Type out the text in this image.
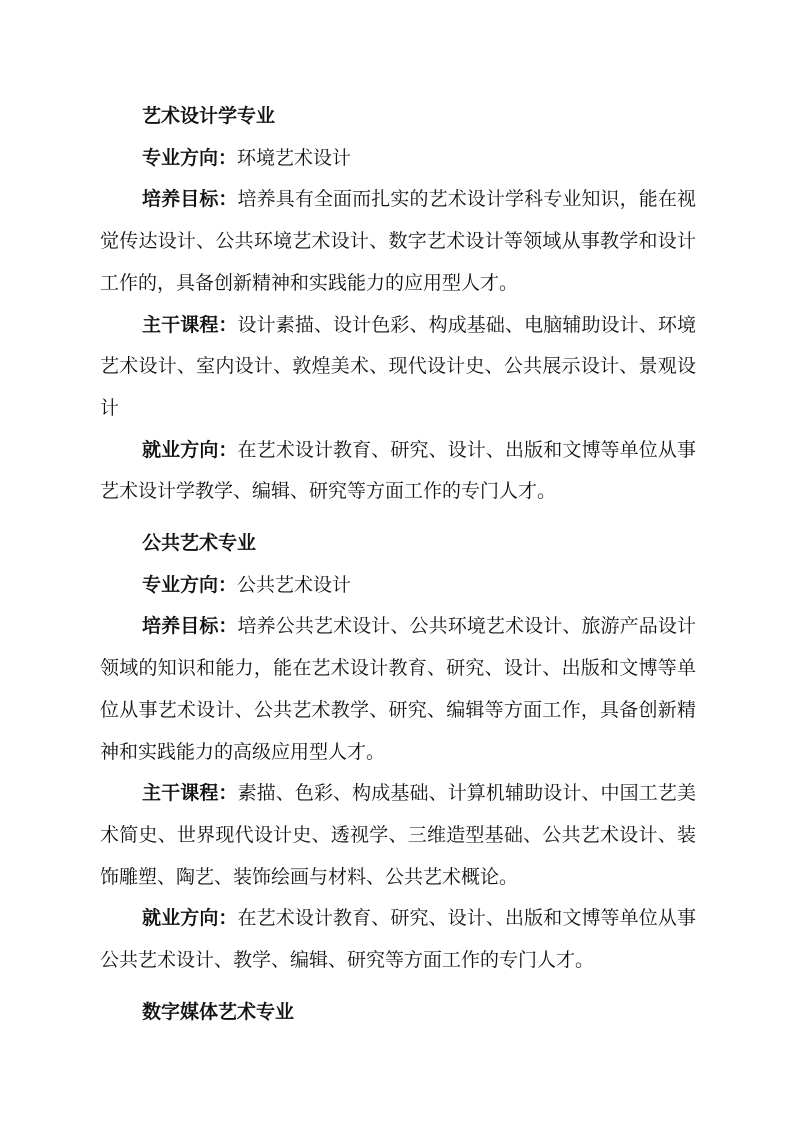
艺术设计学专业

专业方向：环境艺术设计

培养目标：培养具有全面而扎实的艺术设计学科专业知识，能在视觉传达设计、公共环境艺术设计、数字艺术设计等领域从事教学和设计工作的，具备创新精神和实践能力的应用型人才。

主干课程：设计素描、设计色彩、构成基础、电脑辅助设计、环境艺术设计、室内设计、敦煌美术、现代设计史、公共展示设计、景观设计

就业方向：在艺术设计教育、研究、设计、出版和文博等单位从事艺术设计学教学、编辑、研究等方面工作的专门人才。

公共艺术专业

专业方向：公共艺术设计

培养目标：培养公共艺术设计、公共环境艺术设计、旅游产品设计领域的知识和能力，能在艺术设计教育、研究、设计、出版和文博等单位从事艺术设计、公共艺术教学、研究、编辑等方面工作，具备创新精神和实践能力的高级应用型人才。

主干课程：素描、色彩、构成基础、计算机辅助设计、中国工艺美术简史、世界现代设计史、透视学、三维造型基础、公共艺术设计、装饰雕塑、陶艺、装饰绘画与材料、公共艺术概论。

就业方向：在艺术设计教育、研究、设计、出版和文博等单位从事公共艺术设计、教学、编辑、研究等方面工作的专门人才。

数字媒体艺术专业
